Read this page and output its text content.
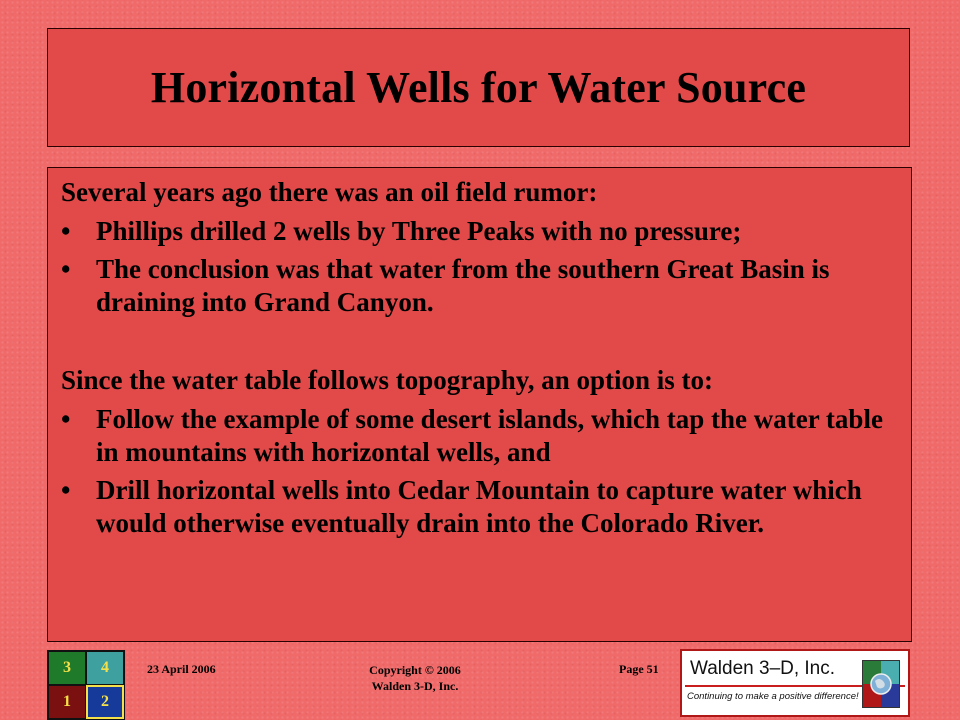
Horizontal Wells for Water Source

Several years ago there was an oil field rumor:

• Phillips drilled 2 wells by Three Peaks with no pressure;
• The conclusion was that water from the southern Great Basin is draining into Grand Canyon.

Since the water table follows topography, an option is to:

• Follow the example of some desert islands, which tap the water table in mountains with horizontal wells, and
• Drill horizontal wells into Cedar Mountain to capture water which would otherwise eventually drain into the Colorado River.
3	4
1	2
23 April 2006	Copyright © 2006
Walden 3-D, Inc.
Page 51 Walden 3–D, Inc.
Continuing to make a positive difference!
